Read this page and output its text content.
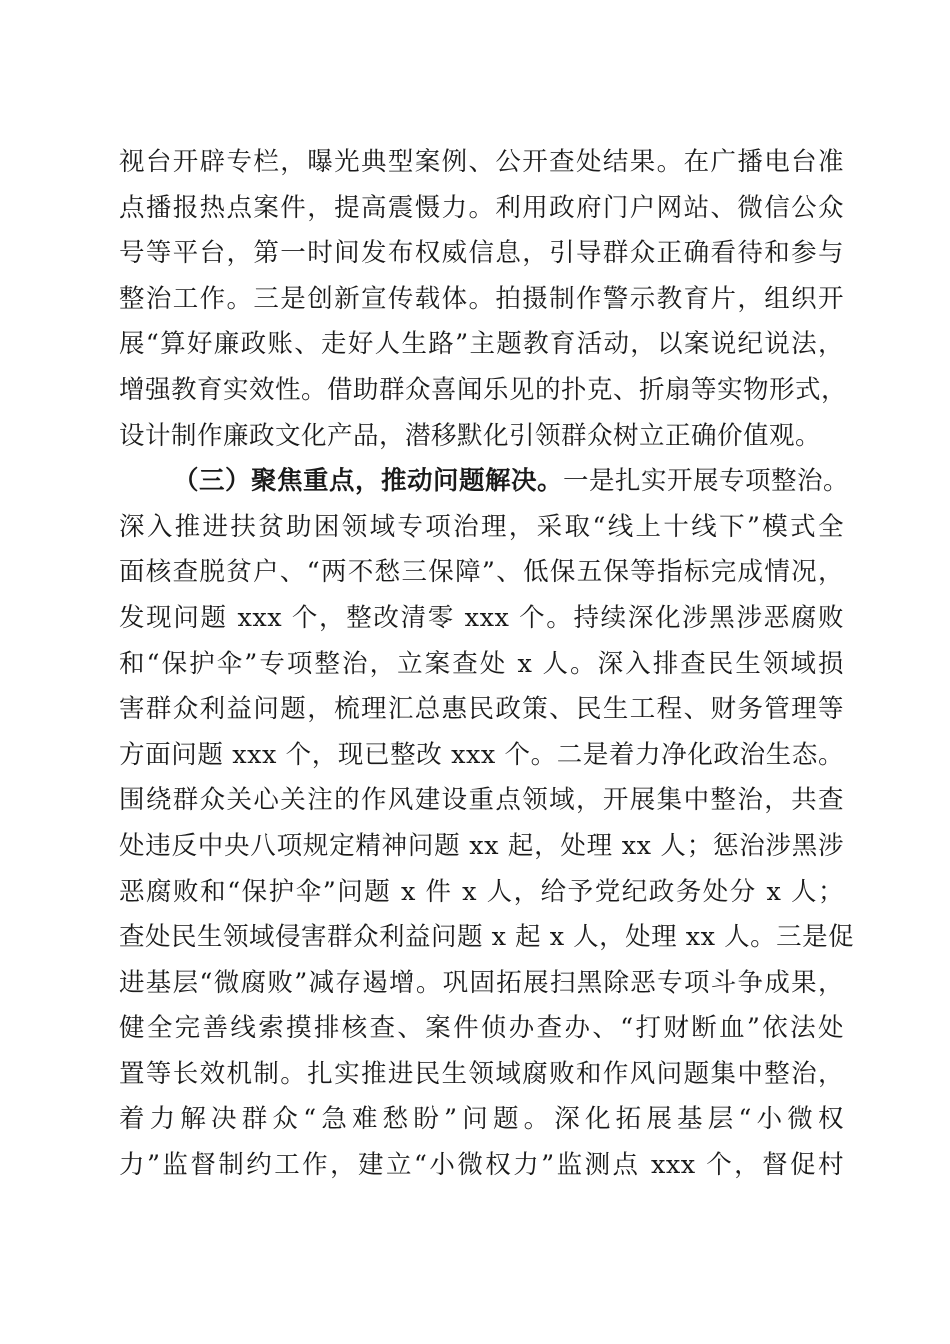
视台开辟专栏，曝光典型案例、公开查处结果。在广播电台准
点播报热点案件，提高震慑力。利用政府门户网站、微信公众
号等平台，第一时间发布权威信息，引导群众正确看待和参与
整治工作。三是创新宣传载体。拍摄制作警示教育片，组织开
展“算好廉政账、走好人生路”主题教育活动，以案说纪说法，
增强教育实效性。借助群众喜闻乐见的扑克、折扇等实物形式，
设计制作廉政文化产品，潜移默化引领群众树立正确价值观。
（三）聚焦重点，推动问题解决。一是扎实开展专项整治。
深入推进扶贫助困领域专项治理，采取“线上十线下”模式全
面核查脱贫户、“两不愁三保障”、低保五保等指标完成情况，
发现问题 xxx 个，整改清零 xxx 个。持续深化涉黑涉恶腐败
和“保护伞”专项整治，立案查处 x 人。深入排查民生领域损
害群众利益问题，梳理汇总惠民政策、民生工程、财务管理等
方面问题 xxx 个，现已整改 xxx 个。二是着力净化政治生态。
围绕群众关心关注的作风建设重点领域，开展集中整治，共查
处违反中央八项规定精神问题 xx 起，处理 xx 人；惩治涉黑涉
恶腐败和“保护伞”问题 x 件 x 人，给予党纪政务处分 x 人；
查处民生领域侵害群众利益问题 x 起 x 人，处理 xx 人。三是促
进基层“微腐败”减存遏增。巩固拓展扫黑除恶专项斗争成果，
健全完善线索摸排核查、案件侦办查办、“打财断血”依法处
置等长效机制。扎实推进民生领域腐败和作风问题集中整治，
着力解决群众“急难愁盼”问题。深化拓展基层“小微权
力”监督制约工作，建立“小微权力”监测点 xxx 个，督促村
